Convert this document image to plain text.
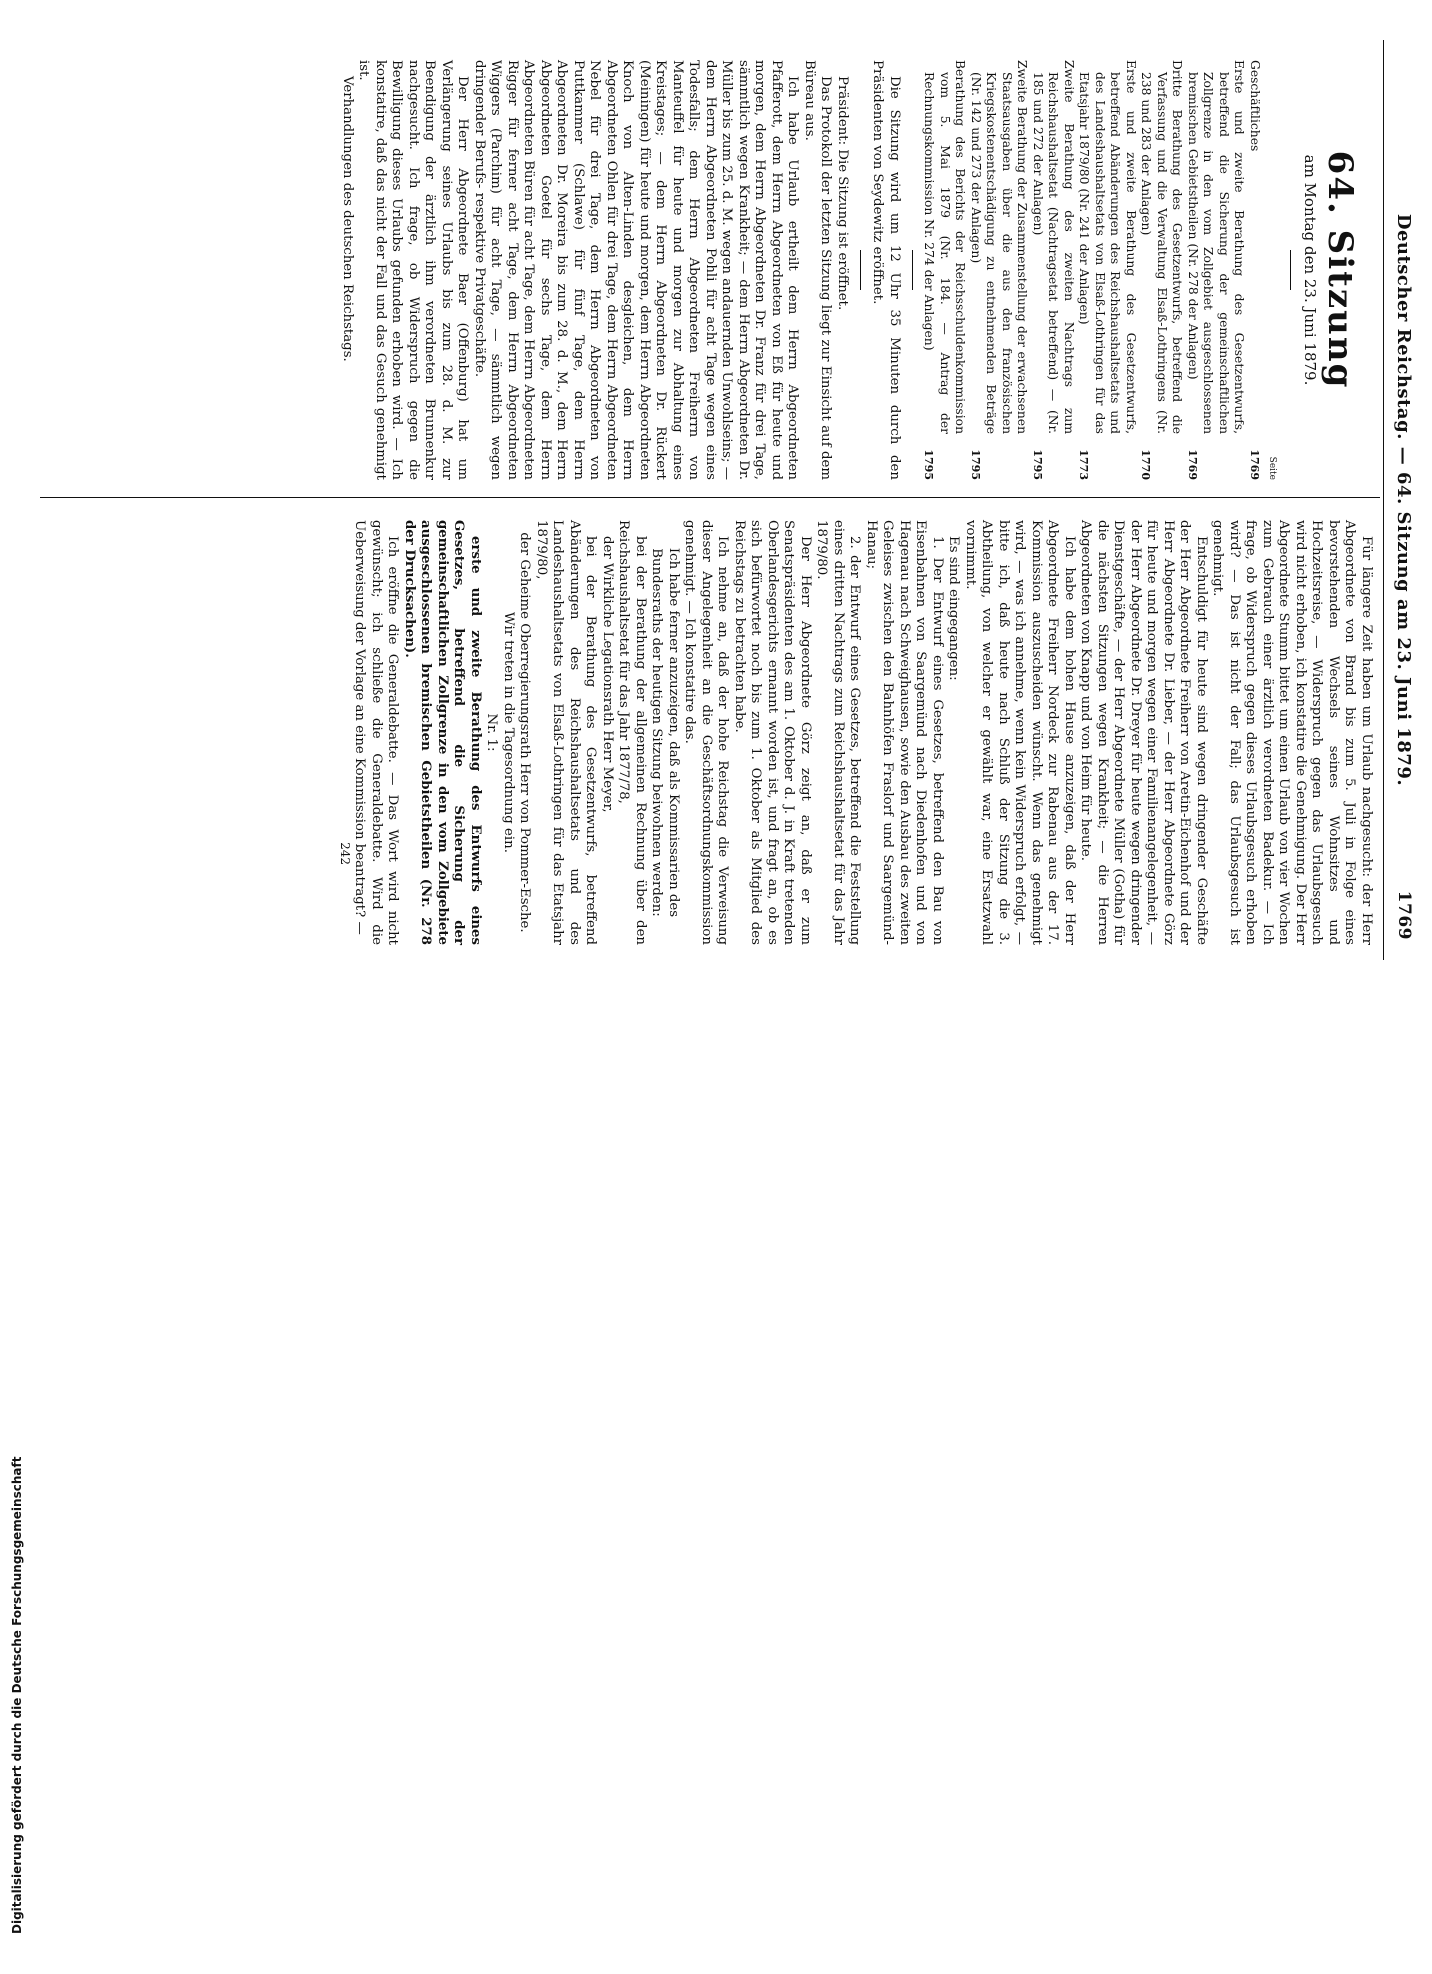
Digitalisierung gefördert durch die Deutsche Forschungsgemeinschaft
Deutscher Reichstag. — 64. Sitzung am 23. Juni 1879.
1769
64. Sitzung
am Montag den 23. Juni 1879.
Seite
Geschäftliches
1769
Erste und zweite Berathung des Gesetzentwurfs, betreffend die Sicherung der gemeinschaftlichen Zollgrenze in den vom Zollgebiet ausgeschlossenen bremischen Gebietstheilen (Nr. 278 der Anlagen)
1769
Dritte Berathung des Gesetzentwurfs, betreffend die Verfassung und die Verwaltung Elsaß-Lothringens (Nr. 238 und 283 der Anlagen)
1770
Erste und zweite Berathung des Gesetzentwurfs, betreffend Abänderungen des Reichshaushaltsetats und des Landeshaushaltsetats von Elsaß-Lothringen für das Etatsjahr 1879/80 (Nr. 241 der Anlagen)
1773
Zweite Berathung des zweiten Nachtrags zum Reichshaushaltsetat (Nachtragsetat betreffend) — (Nr. 185 und 272 der Anlagen)
1795
Zweite Berathung der Zusammenstellung der erwachsenen Staatsausgaben über die aus den französischen Kriegskostenentschädigung zu entnehmenden Beträge (Nr. 142 und 273 der Anlagen)
1795
Berathung des Berichts der Reichsschuldenkommission vom 5. Mai 1879 (Nr. 184. — Antrag der Rechnungskommission Nr. 274 der Anlagen)
1795

Die Sitzung wird um 12 Uhr 35 Minuten durch den Präsidenten von Seydewitz eröffnet.

Präsident: Die Sitzung ist eröffnet.

Das Protokoll der letzten Sitzung liegt zur Einsicht auf dem Büreau aus.

Ich habe Urlaub ertheilt dem Herrn Abgeordneten Pfafferott, dem Herrn Abgeordneten von Eß für heute und morgen, dem Herrn Abgeordneten Dr. Franz für drei Tage, sämmtlich wegen Krankheit; — dem Herrn Abgeordneten Dr. Müller bis zum 25. d. M. wegen andauernden Unwohlseins; — dem Herrn Abgeordneten Pohli für acht Tage wegen eines Todesfalls; dem Herrn Abgeordneten Freiherrn von Manteuffel für heute und morgen zur Abhaltung eines Kreistages; — dem Herrn Abgeordneten Dr. Rückert (Meiningen) für heute und morgen, dem Herrn Abgeordneten Knoch von Alten-Linden desgleichen, dem Herrn Abgeordneten Ohlen für drei Tage, dem Herrn Abgeordneten Nebel für drei Tage, dem Herrn Abgeordneten von Puttkammer (Schlawe) für fünf Tage, dem Herrn Abgeordneten Dr. Moreira bis zum 28. d. M., dem Herrn Abgeordneten Goetel für sechs Tage, dem Herrn Abgeordneten Büren für acht Tage, dem Herrn Abgeordneten Rigger für ferner acht Tage, dem Herrn Abgeordneten Wiggers (Parchim) für acht Tage, — sämmtlich wegen dringender Berufs- respektive Privatgeschäfte.

Der Herr Abgeordnete Baer (Offenburg) hat um Verlängerung seines Urlaubs bis zum 28. d. M. zur Beendigung der ärztlich ihm verordneten Brunnenkur nachgesucht. Ich frage, ob Widerspruch gegen die Bewilligung dieses Urlaubs gefunden erhoben wird. — Ich konstatire, daß das nicht der Fall und das Gesuch genehmigt ist.

Verhandlungen des deutschen Reichstags.

Für längere Zeit haben um Urlaub nachgesucht: der Herr Abgeordnete von Brand bis zum 5. Juli in Folge eines bevorstehenden Wechsels seines Wohnsitzes und Hochzeitsreise, — Widerspruch gegen das Urlaubsgesuch wird nicht erhoben, ich konstatire die Genehmigung. Der Herr Abgeordnete Stumm bittet um einen Urlaub von vier Wochen zum Gebrauch einer ärztlich verordneten Badekur. — Ich frage, ob Widerspruch gegen dieses Urlaubsgesuch erhoben wird? — Das ist nicht der Fall; das Urlaubsgesuch ist genehmigt.

Entschuldigt für heute sind wegen dringender Geschäfte der Herr Abgeordnete Freiherr von Aretin-Eichenhof und der Herr Abgeordnete Dr. Lieber, — der Herr Abgeordnete Görz für heute und morgen wegen einer Familienangelegenheit, — der Herr Abgeordnete Dr. Dreyer für heute wegen dringender Dienstgeschäfte, — der Herr Abgeordnete Müller (Gotha) für die nächsten Sitzungen wegen Krankheit; — die Herren Abgeordneten von Knapp und von Heim für heute.

Ich habe dem hohen Hause anzuzeigen, daß der Herr Abgeordnete Freiherr Nordeck zur Rabenau aus der 17. Kommission auszuscheiden wünscht. Wenn das genehmigt wird, — was ich annehme, wenn kein Widerspruch erfolgt, — bitte ich, daß heute nach Schluß der Sitzung die 3. Abtheilung, von welcher er gewählt war, eine Ersatzwahl vornimmt.

Es sind eingegangen:

1. Der Entwurf eines Gesetzes, betreffend den Bau von Eisenbahnen von Saargemünd nach Diedenhofen und von Hagenau nach Schweighausen, sowie den Ausbau des zweiten Geleises zwischen den Bahnhöfen Fraslorf und Saargemünd-Hanau;
2. der Entwurf eines Gesetzes, betreffend die Feststellung eines dritten Nachtrags zum Reichshaushaltsetat für das Jahr 1879/80.

Der Herr Abgeordnete Görz zeigt an, daß er zum Senatspräsidenten des am 1. Oktober d. J. in Kraft tretenden Oberlandesgerichts ernannt worden ist, und fragt an, ob es sich befürwortet noch bis zum 1. Oktober als Mitglied des Reichstags zu betrachten habe.

Ich nehme an, daß der hohe Reichstag die Verweisung dieser Angelegenheit an die Geschäftsordnungskommission genehmigt. — Ich konstatire das.

Ich habe ferner anzuzeigen, daß als Kommissarien des Bundesraths der heutigen Sitzung beiwohnen werden:

bei der Berathung der allgemeinen Rechnung über den Reichshaushaltsetat für das Jahr 1877/78,

der Wirkliche Legationsrath Herr Meyer,

bei der Berathung des Gesetzentwurfs, betreffend Abänderungen des Reichshaushaltsetats und des Landeshaushaltsetats von Elsaß-Lothringen für das Etatsjahr 1879/80,

der Geheime Oberregierungsrath Herr von Pommer-Esche.

Wir treten in die Tagesordnung ein.

Nr. 1:

erste und zweite Berathung des Entwurfs eines Gesetzes, betreffend die Sicherung der gemeinschaftlichen Zollgrenze in den vom Zollgebiete ausgeschlossenen bremischen Gebietstheilen (Nr. 278 der Drucksachen).

Ich eröffne die Generaldebatte. — Das Wort wird nicht gewünscht; ich schließe die Generaldebatte. Wird die Ueberweisung der Vorlage an eine Kommission beantragt? —

242
